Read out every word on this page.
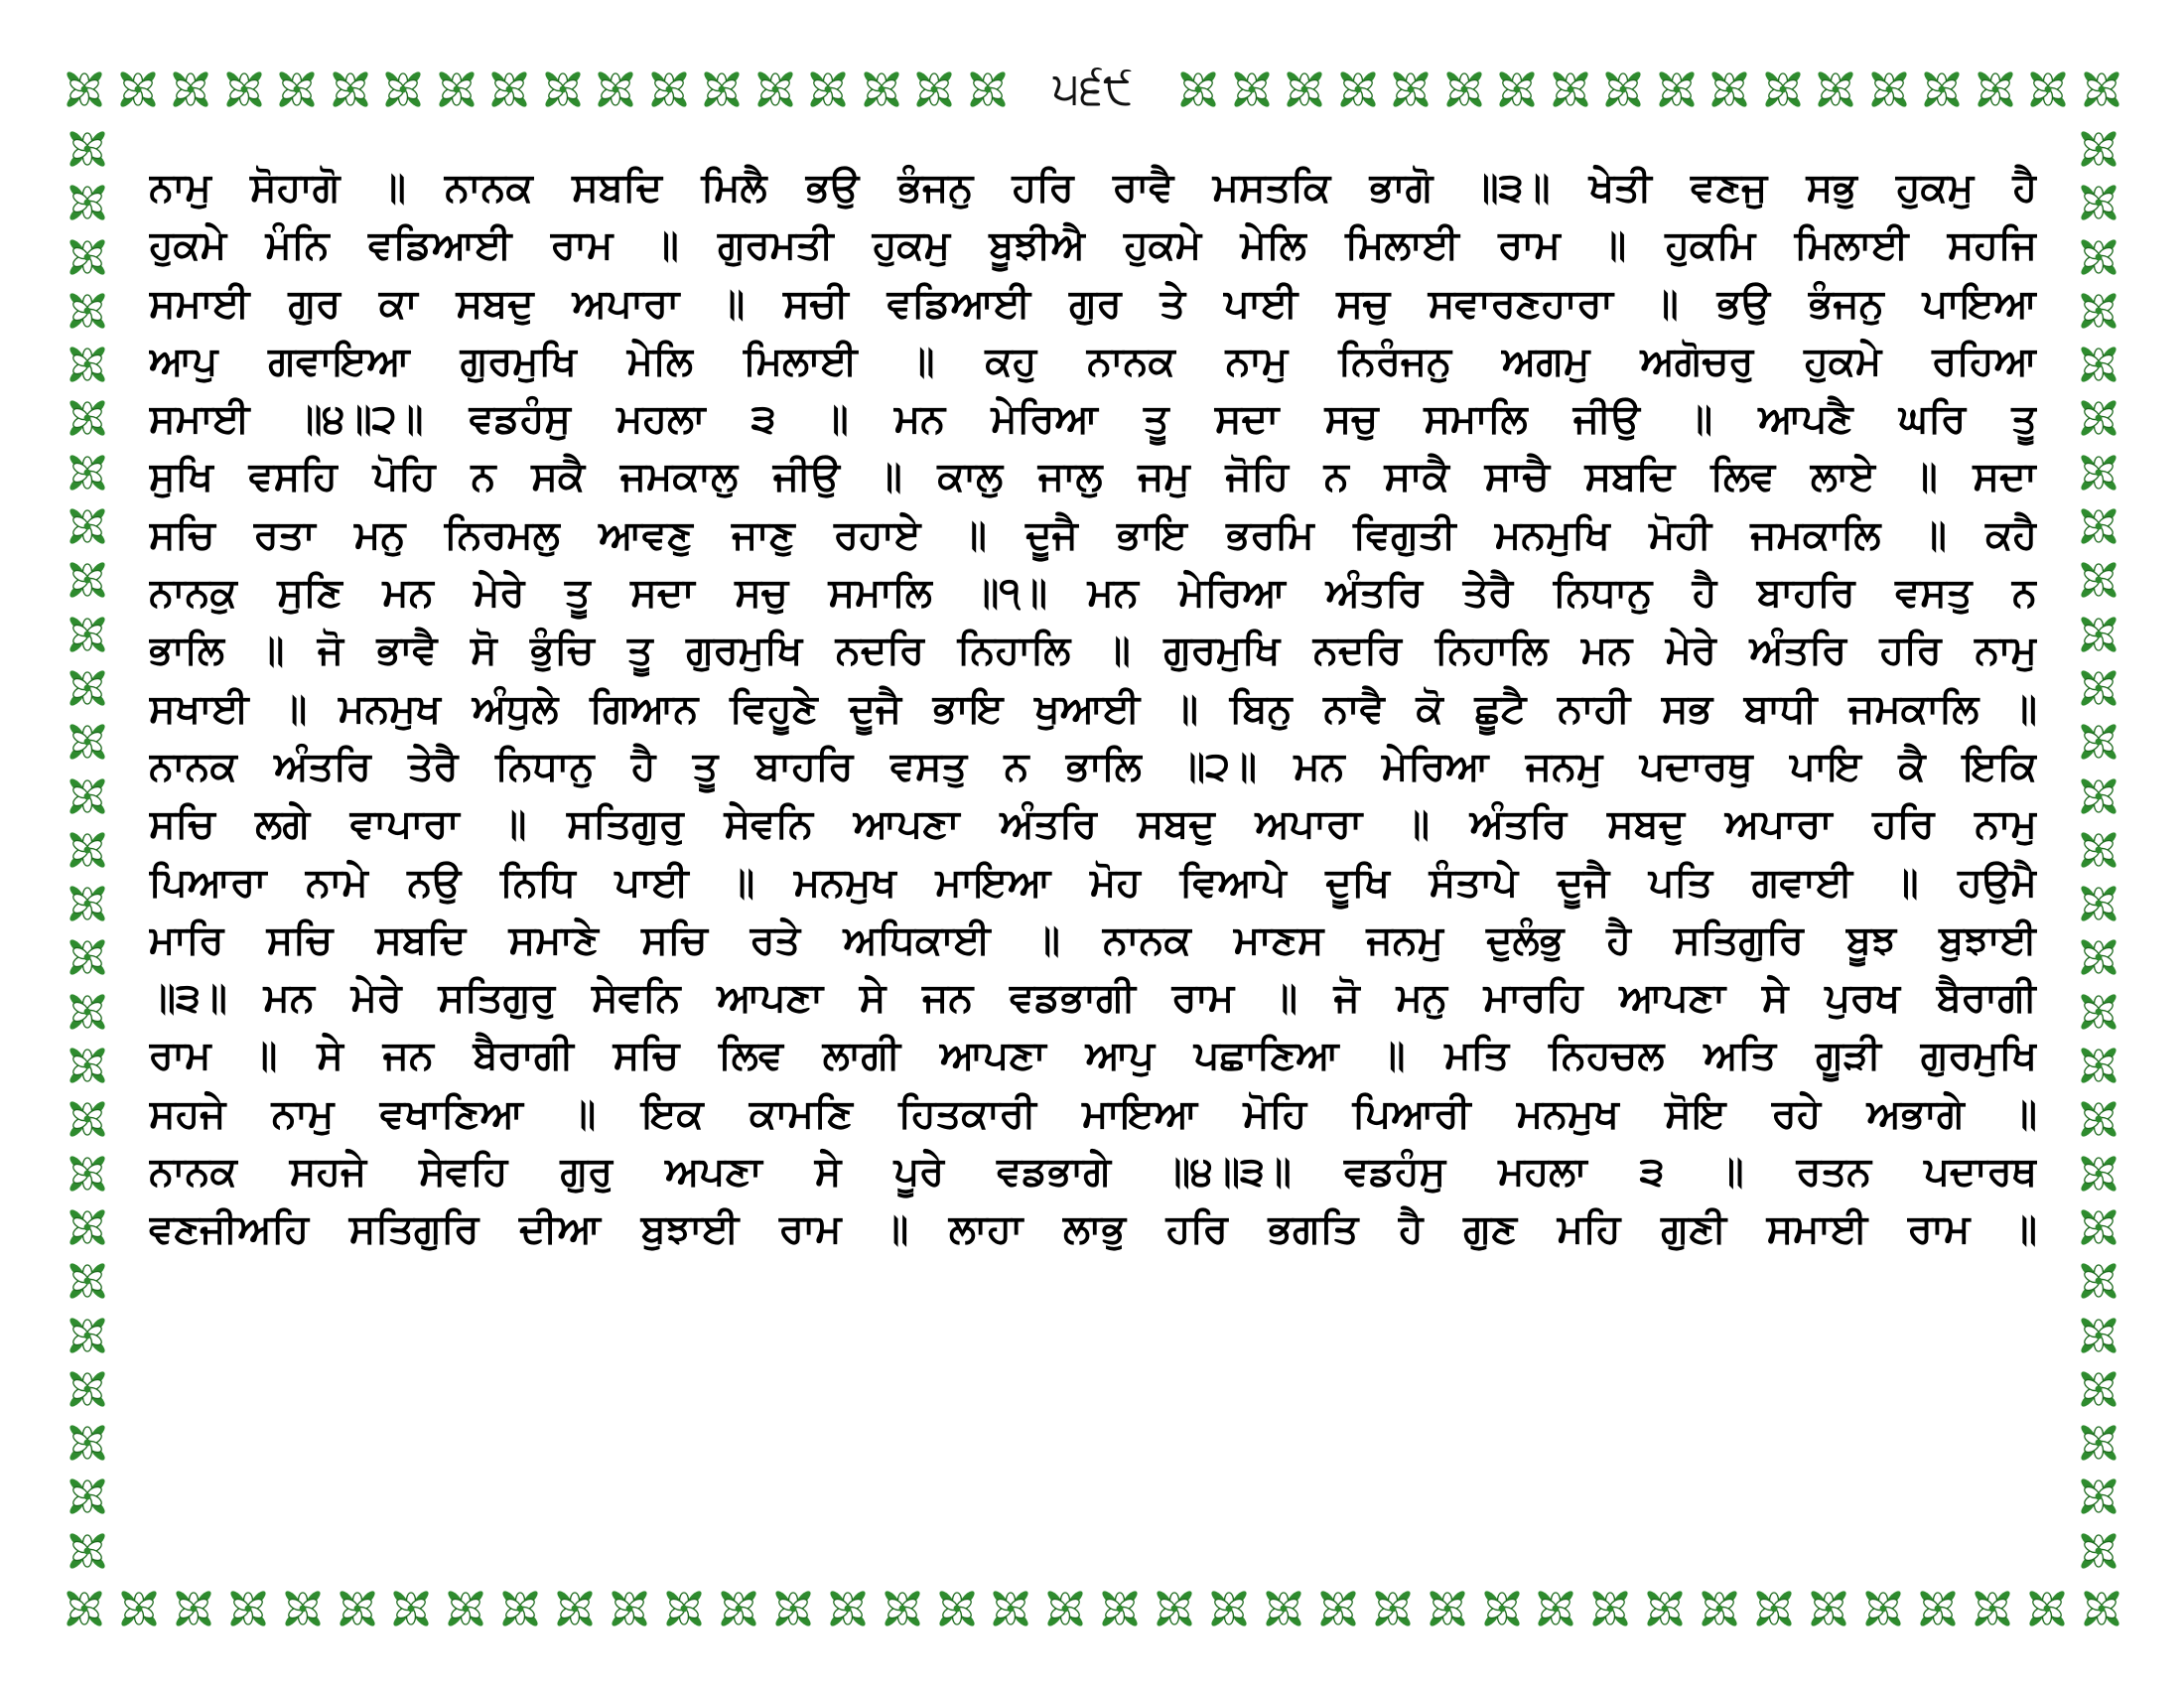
੫੬੯
ਨਾਮੁ ਸੋਹਾਗੋ ॥ ਨਾਨਕ ਸਬਦਿ ਮਿਲੈ ਭਉ ਭੰਜਨੁ ਹਰਿ ਰਾਵੈ ਮਸਤਕਿ ਭਾਗੋ ॥੩॥ ਖੇਤੀ ਵਣਜੁ ਸਭੁ ਹੁਕਮੁ ਹੈ
ਹੁਕਮੇ ਮੰਨਿ ਵਡਿਆਈ ਰਾਮ ॥ ਗੁਰਮਤੀ ਹੁਕਮੁ ਬੂਝੀਐ ਹੁਕਮੇ ਮੇਲਿ ਮਿਲਾਈ ਰਾਮ ॥ ਹੁਕਮਿ ਮਿਲਾਈ ਸਹਜਿ
ਸਮਾਈ ਗੁਰ ਕਾ ਸਬਦੁ ਅਪਾਰਾ ॥ ਸਚੀ ਵਡਿਆਈ ਗੁਰ ਤੇ ਪਾਈ ਸਚੁ ਸਵਾਰਣਹਾਰਾ ॥ ਭਉ ਭੰਜਨੁ ਪਾਇਆ
ਆਪੁ ਗਵਾਇਆ ਗੁਰਮੁਖਿ ਮੇਲਿ ਮਿਲਾਈ ॥ ਕਹੁ ਨਾਨਕ ਨਾਮੁ ਨਿਰੰਜਨੁ ਅਗਮੁ ਅਗੋਚਰੁ ਹੁਕਮੇ ਰਹਿਆ
ਸਮਾਈ ॥੪॥੨॥ ਵਡਹੰਸੁ ਮਹਲਾ ੩ ॥ ਮਨ ਮੇਰਿਆ ਤੂ ਸਦਾ ਸਚੁ ਸਮਾਲਿ ਜੀਉ ॥ ਆਪਣੈ ਘਰਿ ਤੂ
ਸੁਖਿ ਵਸਹਿ ਪੋਹਿ ਨ ਸਕੈ ਜਮਕਾਲੁ ਜੀਉ ॥ ਕਾਲੁ ਜਾਲੁ ਜਮੁ ਜੋਹਿ ਨ ਸਾਕੈ ਸਾਚੈ ਸਬਦਿ ਲਿਵ ਲਾਏ ॥ ਸਦਾ
ਸਚਿ ਰਤਾ ਮਨੁ ਨਿਰਮਲੁ ਆਵਣੁ ਜਾਣੁ ਰਹਾਏ ॥ ਦੂਜੈ ਭਾਇ ਭਰਮਿ ਵਿਗੁਤੀ ਮਨਮੁਖਿ ਮੋਹੀ ਜਮਕਾਲਿ ॥ ਕਹੈ
ਨਾਨਕੁ ਸੁਣਿ ਮਨ ਮੇਰੇ ਤੂ ਸਦਾ ਸਚੁ ਸਮਾਲਿ ॥੧॥ ਮਨ ਮੇਰਿਆ ਅੰਤਰਿ ਤੇਰੈ ਨਿਧਾਨੁ ਹੈ ਬਾਹਰਿ ਵਸਤੁ ਨ
ਭਾਲਿ ॥ ਜੋ ਭਾਵੈ ਸੋ ਭੁੰਚਿ ਤੂ ਗੁਰਮੁਖਿ ਨਦਰਿ ਨਿਹਾਲਿ ॥ ਗੁਰਮੁਖਿ ਨਦਰਿ ਨਿਹਾਲਿ ਮਨ ਮੇਰੇ ਅੰਤਰਿ ਹਰਿ ਨਾਮੁ
ਸਖਾਈ ॥ ਮਨਮੁਖ ਅੰਧੁਲੇ ਗਿਆਨ ਵਿਹੂਣੇ ਦੂਜੈ ਭਾਇ ਖੁਆਈ ॥ ਬਿਨੁ ਨਾਵੈ ਕੋ ਛੂਟੈ ਨਾਹੀ ਸਭ ਬਾਧੀ ਜਮਕਾਲਿ ॥
ਨਾਨਕ ਅੰਤਰਿ ਤੇਰੈ ਨਿਧਾਨੁ ਹੈ ਤੂ ਬਾਹਰਿ ਵਸਤੁ ਨ ਭਾਲਿ ॥੨॥ ਮਨ ਮੇਰਿਆ ਜਨਮੁ ਪਦਾਰਥੁ ਪਾਇ ਕੈ ਇਕਿ
ਸਚਿ ਲਗੇ ਵਾਪਾਰਾ ॥ ਸਤਿਗੁਰੁ ਸੇਵਨਿ ਆਪਣਾ ਅੰਤਰਿ ਸਬਦੁ ਅਪਾਰਾ ॥ ਅੰਤਰਿ ਸਬਦੁ ਅਪਾਰਾ ਹਰਿ ਨਾਮੁ
ਪਿਆਰਾ ਨਾਮੇ ਨਉ ਨਿਧਿ ਪਾਈ ॥ ਮਨਮੁਖ ਮਾਇਆ ਮੋਹ ਵਿਆਪੇ ਦੂਖਿ ਸੰਤਾਪੇ ਦੂਜੈ ਪਤਿ ਗਵਾਈ ॥ ਹਉਮੈ
ਮਾਰਿ ਸਚਿ ਸਬਦਿ ਸਮਾਣੇ ਸਚਿ ਰਤੇ ਅਧਿਕਾਈ ॥ ਨਾਨਕ ਮਾਣਸ ਜਨਮੁ ਦੁਲੰਭੁ ਹੈ ਸਤਿਗੁਰਿ ਬੂਝ ਬੁਝਾਈ
॥੩॥ ਮਨ ਮੇਰੇ ਸਤਿਗੁਰੁ ਸੇਵਨਿ ਆਪਣਾ ਸੇ ਜਨ ਵਡਭਾਗੀ ਰਾਮ ॥ ਜੋ ਮਨੁ ਮਾਰਹਿ ਆਪਣਾ ਸੇ ਪੁਰਖ ਬੈਰਾਗੀ
ਰਾਮ ॥ ਸੇ ਜਨ ਬੈਰਾਗੀ ਸਚਿ ਲਿਵ ਲਾਗੀ ਆਪਣਾ ਆਪੁ ਪਛਾਣਿਆ ॥ ਮਤਿ ਨਿਹਚਲ ਅਤਿ ਗੂੜੀ ਗੁਰਮੁਖਿ
ਸਹਜੇ ਨਾਮੁ ਵਖਾਣਿਆ ॥ ਇਕ ਕਾਮਣਿ ਹਿਤਕਾਰੀ ਮਾਇਆ ਮੋਹਿ ਪਿਆਰੀ ਮਨਮੁਖ ਸੋਇ ਰਹੇ ਅਭਾਗੇ ॥
ਨਾਨਕ ਸਹਜੇ ਸੇਵਹਿ ਗੁਰੁ ਅਪਣਾ ਸੇ ਪੂਰੇ ਵਡਭਾਗੇ ॥੪॥੩॥ ਵਡਹੰਸੁ ਮਹਲਾ ੩ ॥ ਰਤਨ ਪਦਾਰਥ
ਵਣਜੀਅਹਿ ਸਤਿਗੁਰਿ ਦੀਆ ਬੁਝਾਈ ਰਾਮ ॥ ਲਾਹਾ ਲਾਭੁ ਹਰਿ ਭਗਤਿ ਹੈ ਗੁਣ ਮਹਿ ਗੁਣੀ ਸਮਾਈ ਰਾਮ ॥
